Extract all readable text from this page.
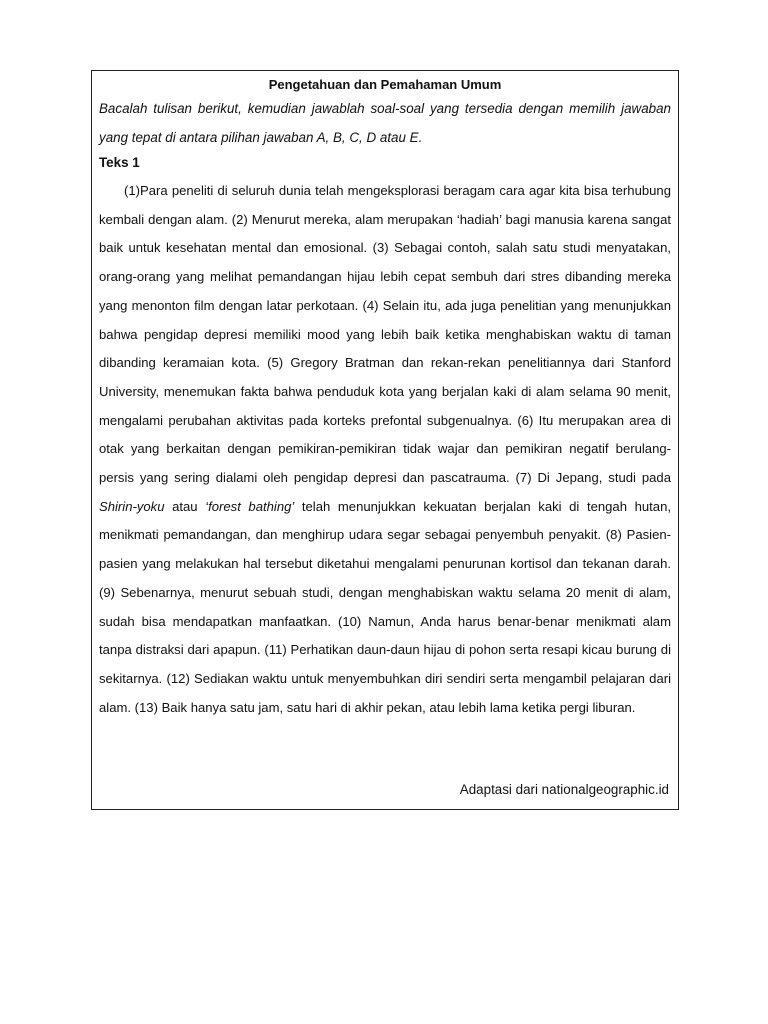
Pengetahuan dan Pemahaman Umum

Bacalah tulisan berikut, kemudian jawablah soal-soal yang tersedia dengan memilih jawaban yang tepat di antara pilihan jawaban A, B, C, D atau E.

Teks 1

(1)Para peneliti di seluruh dunia telah mengeksplorasi beragam cara agar kita bisa terhubung kembali dengan alam. (2) Menurut mereka, alam merupakan ‘hadiah’ bagi manusia karena sangat baik untuk kesehatan mental dan emosional. (3) Sebagai contoh, salah satu studi menyatakan, orang-orang yang melihat pemandangan hijau lebih cepat sembuh dari stres dibanding mereka yang menonton film dengan latar perkotaan. (4) Selain itu, ada juga penelitian yang menunjukkan bahwa pengidap depresi memiliki mood yang lebih baik ketika menghabiskan waktu di taman dibanding keramaian kota. (5) Gregory Bratman dan rekan-rekan penelitiannya dari Stanford University, menemukan fakta bahwa penduduk kota yang berjalan kaki di alam selama 90 menit, mengalami perubahan aktivitas pada korteks prefontal subgenualnya. (6) Itu merupakan area di otak yang berkaitan dengan pemikiran-pemikiran tidak wajar dan pemikiran negatif berulang-persis yang sering dialami oleh pengidap depresi dan pascatrauma. (7) Di Jepang, studi pada Shirin-yoku atau ‘forest bathing’ telah menunjukkan kekuatan berjalan kaki di tengah hutan, menikmati pemandangan, dan menghirup udara segar sebagai penyembuh penyakit. (8) Pasien-pasien yang melakukan hal tersebut diketahui mengalami penurunan kortisol dan tekanan darah. (9) Sebenarnya, menurut sebuah studi, dengan menghabiskan waktu selama 20 menit di alam, sudah bisa mendapatkan manfaatkan. (10) Namun, Anda harus benar-benar menikmati alam tanpa distraksi dari apapun. (11) Perhatikan daun-daun hijau di pohon serta resapi kicau burung di sekitarnya. (12) Sediakan waktu untuk menyembuhkan diri sendiri serta mengambil pelajaran dari alam. (13) Baik hanya satu jam, satu hari di akhir pekan, atau lebih lama ketika pergi liburan.

Adaptasi dari nationalgeographic.id
